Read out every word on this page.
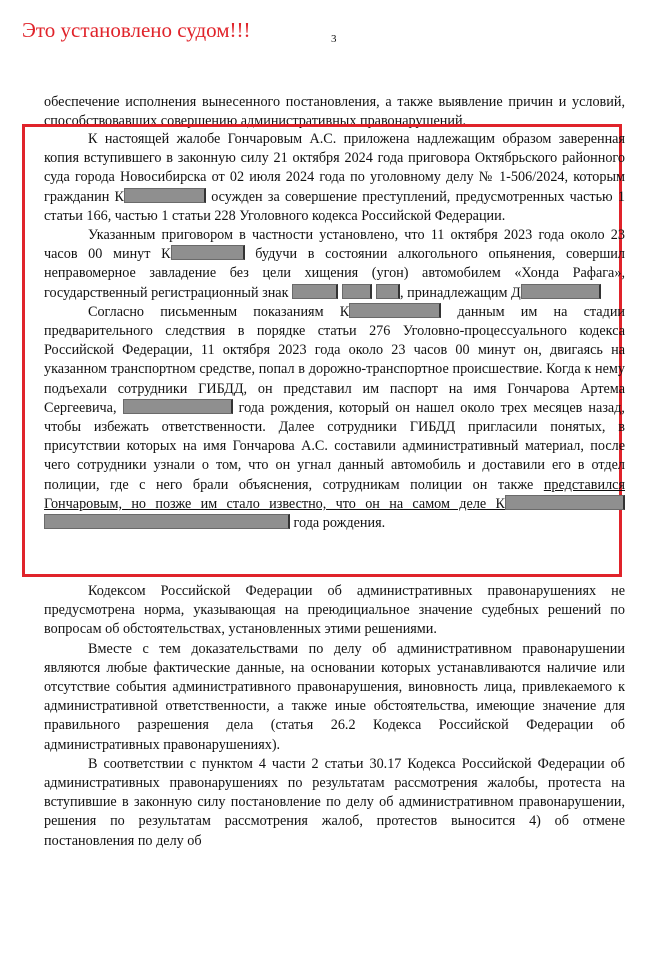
Это установлено судом!!!	3

обеспечение исполнения вынесенного постановления, а также выявление причин и условий, способствовавших совершению административных правонарушений.

К настоящей жалобе Гончаровым А.С. приложена надлежащим образом заверенная копия вступившего в законную силу 21 октября 2024 года приговора Октябрьского районного суда города Новосибирска от 02 июля 2024 года по уголовному делу № 1-506/2024, которым гражданин К	осужден за совершение преступлений, предусмотренных частью 1 статьи 166, частью 1 статьи 228 Уголовного кодекса Российской Федерации.

Указанным приговором в частности установлено, что 11 октября 2023 года около 23 часов 00 минут К	будучи в состоянии алкогольного опьянения, совершил неправомерное завладение без цели хищения (угон) автомобилем «Хонда Рафага», государственный регистрационный знак	, принадлежащим Д

Согласно письменным показаниям К	данным им на стадии предварительного следствия в порядке статьи 276 Уголовно-процессуального кодекса Российской Федерации, 11 октября 2023 года около 23 часов 00 минут он, двигаясь на указанном транспортном средстве, попал в дорожно-транспортное происшествие. Когда к нему подъехали сотрудники ГИБДД, он представил им паспорт на имя Гончарова Артема Сергеевича,	года рождения, который он нашел около трех месяцев назад, чтобы избежать ответственности. Далее сотрудники ГИБДД пригласили понятых, в присутствии которых на имя Гончарова А.С. составили административный материал, после чего сотрудники узнали о том, что он угнал данный автомобиль и доставили его в отдел полиции, где с него брали объяснения, сотрудникам полиции он также представился Гончаровым, но позже им стало известно, что он на самом деле К  года рождения.

Кодексом Российской Федерации об административных правонарушениях не предусмотрена норма, указывающая на преюдициальное значение судебных решений по вопросам об обстоятельствах, установленных этими решениями.

Вместе с тем доказательствами по делу об административном правонарушении являются любые фактические данные, на основании которых устанавливаются наличие или отсутствие события административного правонарушения, виновность лица, привлекаемого к административной ответственности, а также иные обстоятельства, имеющие значение для правильного разрешения дела (статья 26.2 Кодекса Российской Федерации об административных правонарушениях).

В соответствии с пунктом 4 части 2 статьи 30.17 Кодекса Российской Федерации об административных правонарушениях по результатам рассмотрения жалобы, протеста на вступившие в законную силу постановление по делу об административном правонарушении, решения по результатам рассмотрения жалоб, протестов выносится 4) об отмене постановления по делу об
